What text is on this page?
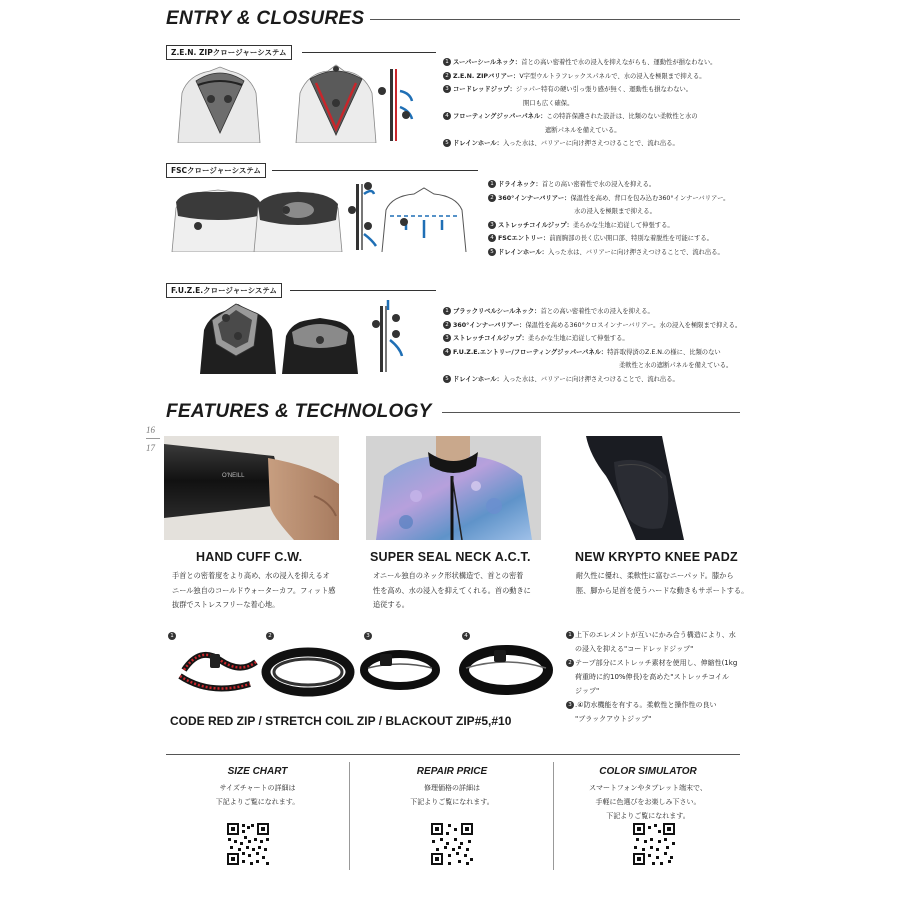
ENTRY & CLOSURES
Z.E.N. ZIPクロージャーシステム
1 スーパーシールネック：首との高い密着性で水の浸入を抑えながらも、運動性が損なわない。
2 Z.E.N. ZIPバリアー：V字型ウルトラフレックスパネルで、水の浸入を極限まで抑える。
3 コードレッドジップ：ジッパー特有の硬い引っ張り感が無く、運動性も損なわない。
開口も広く確保。
4 フローティングジッパーパネル：この特許保護された設計は、比類のない柔軟性と水の
遮断パネルを備えている。
5 ドレインホール：入った水は、バリアーに向け押さえつけることで、流れ出る。
FSCクロージャーシステム
1 ドライネック：首との高い密着性で水の浸入を抑える。
2 360°インナーバリアー：保温性を高め、背口を包み込む360°インナーバリアー。
水の浸入を極限まで抑える。
3 ストレッチコイルジップ：柔らかな生地に追従して伸張する。
4 FSCエントリー：前面胸部の長く広い開口部、特別な着脱性を可能にする。
5 ドレインホール：入った水は、バリアーに向け押さえつけることで、流れ出る。
F.U.Z.E.クロージャーシステム
1 ブラックリベルシールネック：首との高い密着性で水の浸入を抑える。
2 360°インナーバリアー：保温性を高める360°クロスインナーバリアー。水の浸入を極限まで抑える。
3 ストレッチコイルジップ：柔らかな生地に追従して伸張する。
4 F.U.Z.E.エントリー/フローティングジッパーパネル：特許取得済のZ.E.N.の様に、比類のない
柔軟性と水の遮断パネルを備えている。
5 ドレインホール：入った水は、バリアーに向け押さえつけることで、流れ出る。
FEATURES & TECHNOLOGY
16
17
O'NEILL
HAND CUFF C.W.
手首との密着度をより高め、水の浸入を抑えるオ
ニール独自のコールドウォーターカフ。フィット感
抜群でストレスフリーな着心地。
SUPER SEAL NECK A.C.T.
オニール独自のネック形状構造で、首との密着
性を高め、水の浸入を抑えてくれる。首の動きに
追従する。
NEW KRYPTO KNEE PADZ
耐久性に優れ、柔軟性に富むニーパッド。膝から
脛、脚から足首を使うハードな動きもサポートする。
1	2	3	4
CODE RED ZIP / STRETCH COIL ZIP / BLACKOUT ZIP#5,#10
1 上下のエレメントが互いにかみ合う構造により、水
の浸入を抑える"コードレッドジップ"
2 テープ部分にストレッチ素材を使用し、伸縮性(1kg
荷重時に約10%伸長)を高めた"ストレッチコイル
ジップ"
3 .④防水機能を有する。柔軟性と操作性の良い
"ブラックアウトジップ"
SIZE CHART
サイズチャートの詳細は
下記よりご覧になれます。
REPAIR PRICE
修理価格の詳細は
下記よりご覧になれます。
COLOR SIMULATOR
スマートフォンやタブレット端末で、
手軽に色選びをお楽しみ下さい。
下記よりご覧になれます。
